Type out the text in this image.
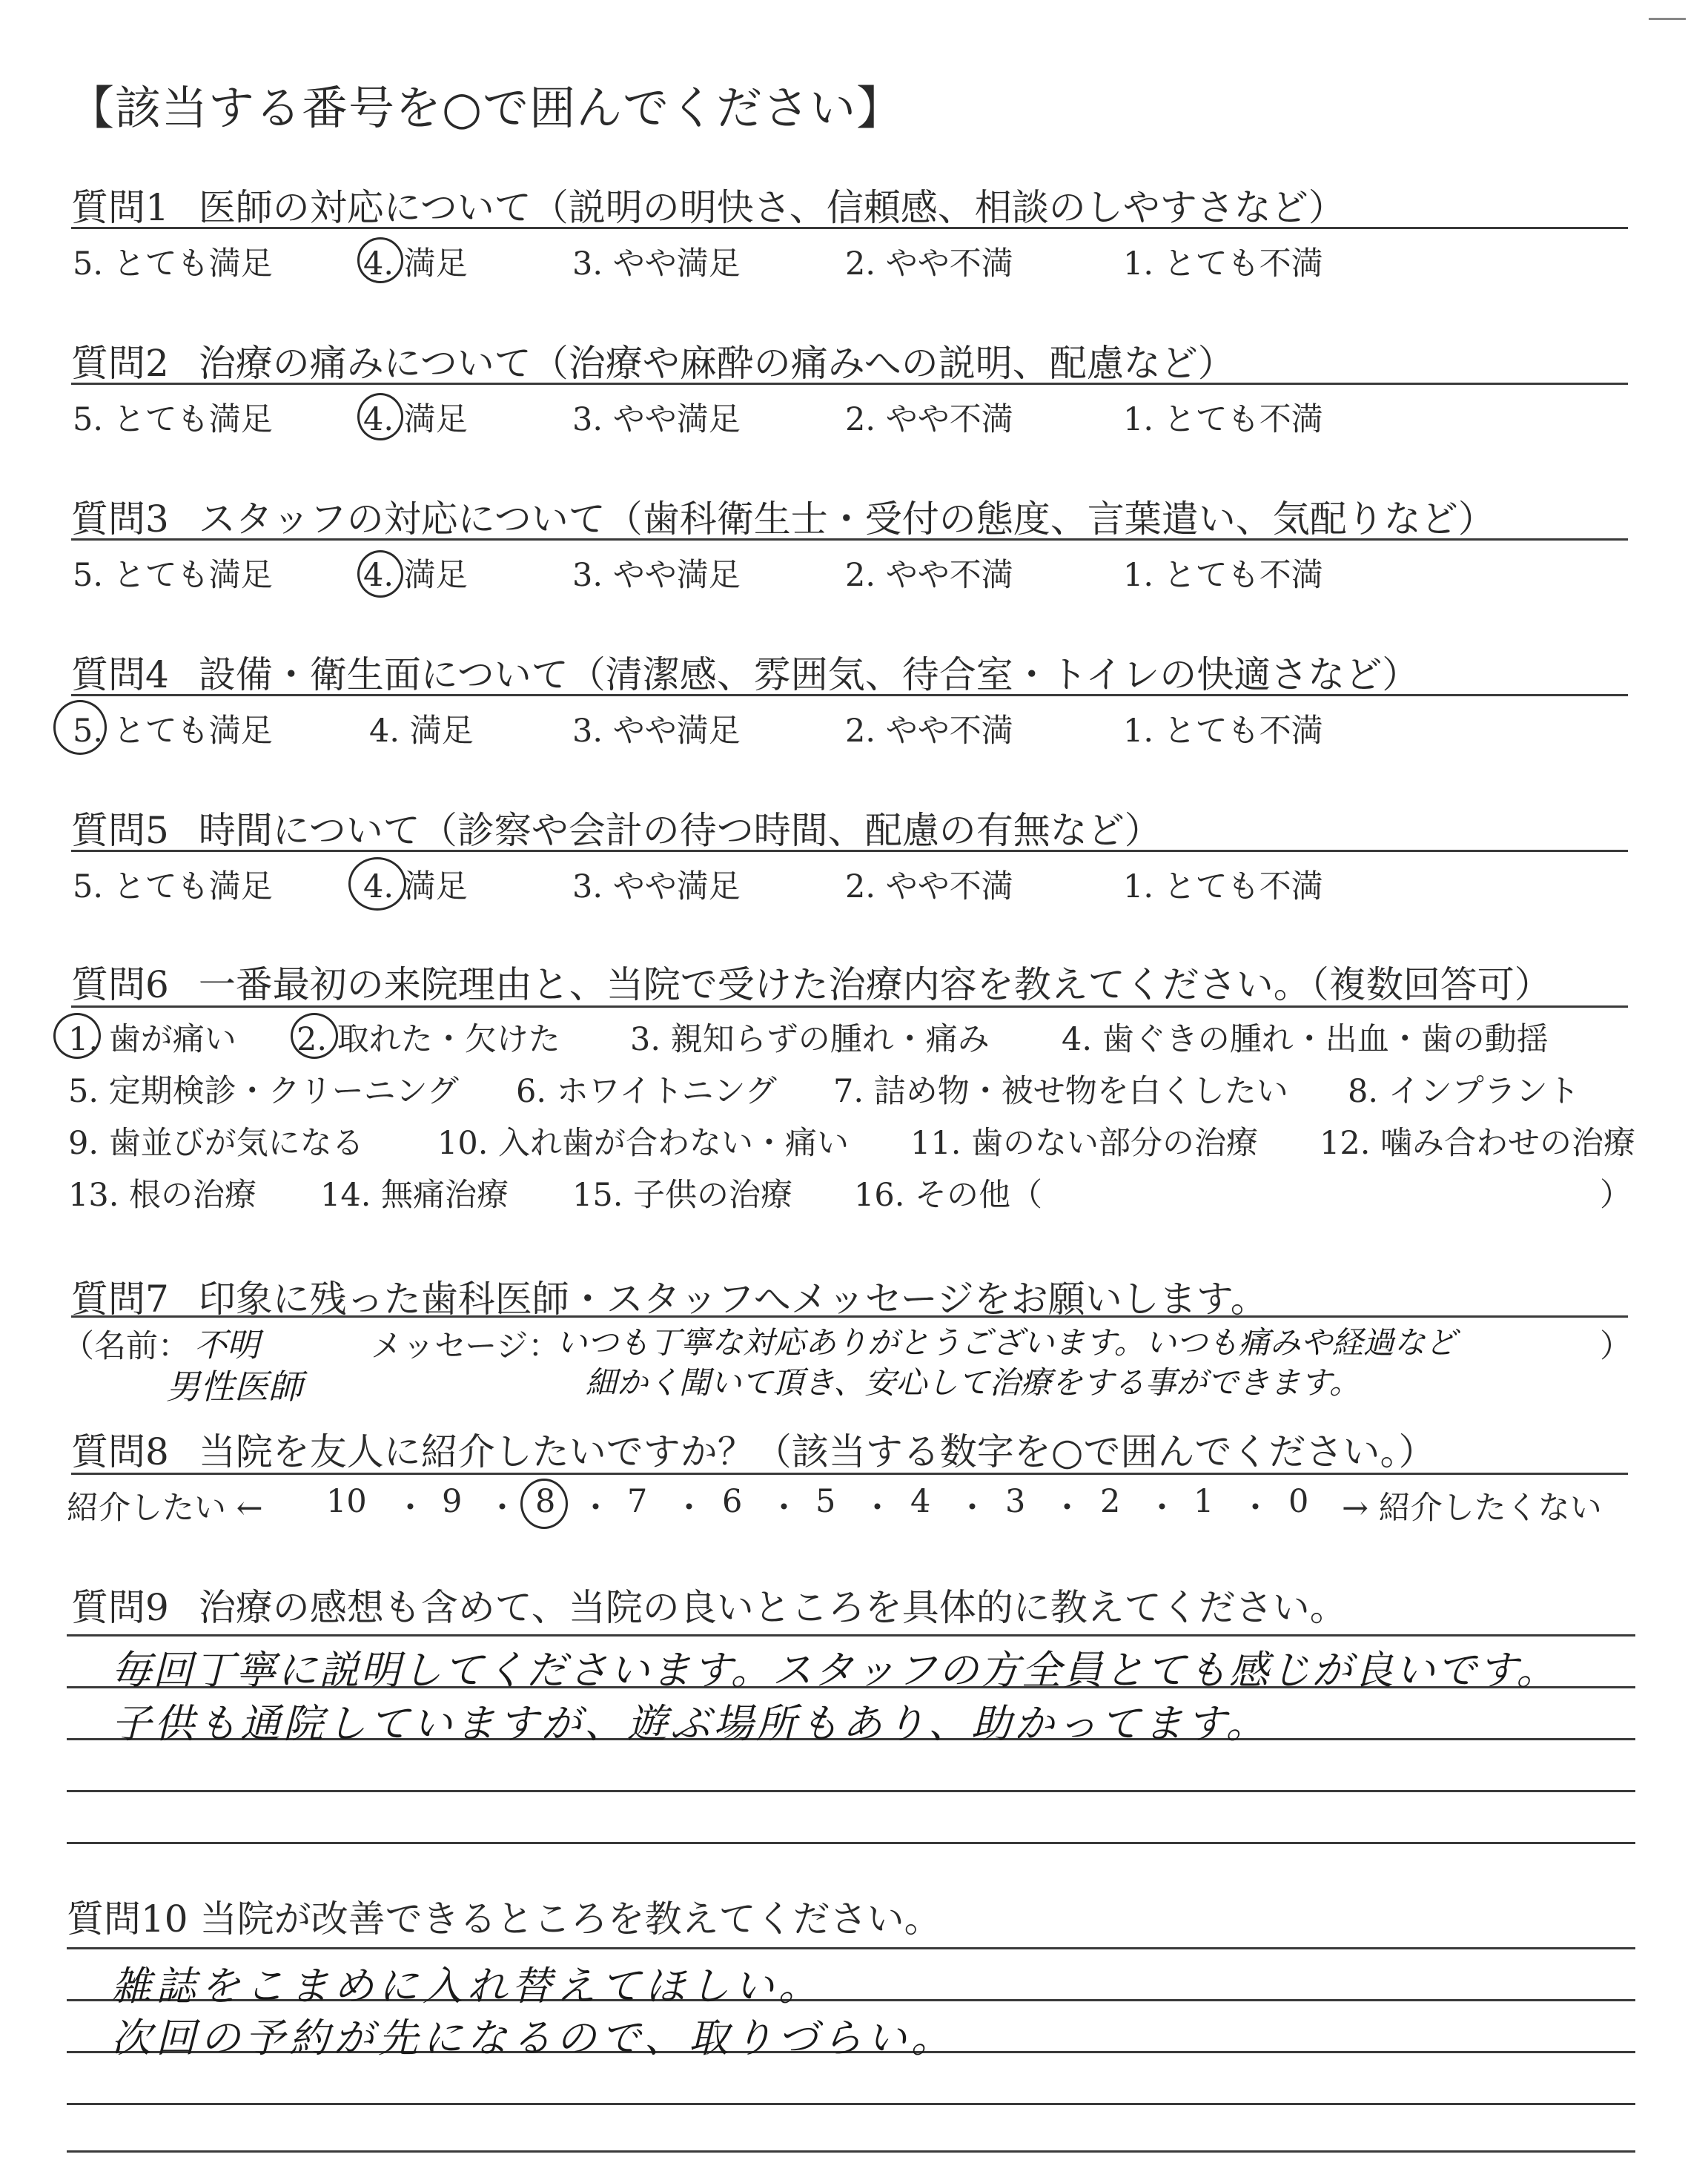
【該当する番号を○で囲んでください】
質問1 医師の対応について（説明の明快さ、信頼感、相談のしやすさなど）
5. とても満足	4. 満足	3. やや満足	2. やや不満	1. とても不満
質問2 治療の痛みについて（治療や麻酔の痛みへの説明、配慮など）
5. とても満足	4. 満足	3. やや満足	2. やや不満	1. とても不満
質問3 スタッフの対応について（歯科衛生士・受付の態度、言葉遣い、気配りなど）
5. とても満足	4. 満足	3. やや満足	2. やや不満	1. とても不満
質問4 設備・衛生面について（清潔感、雰囲気、待合室・トイレの快適さなど）
5. とても満足	4. 満足	3. やや満足	2. やや不満	1. とても不満
質問5 時間について（診察や会計の待つ時間、配慮の有無など）
5. とても満足	4. 満足	3. やや満足	2. やや不満	1. とても不満
質問6 一番最初の来院理由と、当院で受けた治療内容を教えてください。（複数回答可）
1. 歯が痛い 2. 取れた・欠けた 3. 親知らずの腫れ・痛み 4. 歯ぐきの腫れ・出血・歯の動揺
5. 定期検診・クリーニング 6. ホワイトニング 7. 詰め物・被せ物を白くしたい 8. インプラント
9. 歯並びが気になる 10. 入れ歯が合わない・痛い 11. 歯のない部分の治療 12. 噛み合わせの治療
13. 根の治療 14. 無痛治療 15. 子供の治療 16. その他（	）
質問7 印象に残った歯科医師・スタッフへメッセージをお願いします。
（名前： 不明
男性医師
メッセージ：
いつも丁寧な対応ありがとうございます。いつも痛みや経過など
細かく聞いて頂き、安心して治療をする事ができます。
）
質問8 当院を友人に紹介したいですか？（該当する数字を○で囲んでください。）
紹介したい ← 10 ・ 9 ・ 8 ・ 7 ・ 6 ・ 5 ・ 4 ・ 3 ・ 2 ・ 1 ・ 0 → 紹介したくない
質問9 治療の感想も含めて、当院の良いところを具体的に教えてください。
毎回丁寧に説明してくださいます。スタッフの方全員とても感じが良いです。
子供も通院していますが、遊ぶ場所もあり、助かってます。
質問10 当院が改善できるところを教えてください。
雑誌をこまめに入れ替えてほしい。
次回の予約が先になるので、取りづらい。
